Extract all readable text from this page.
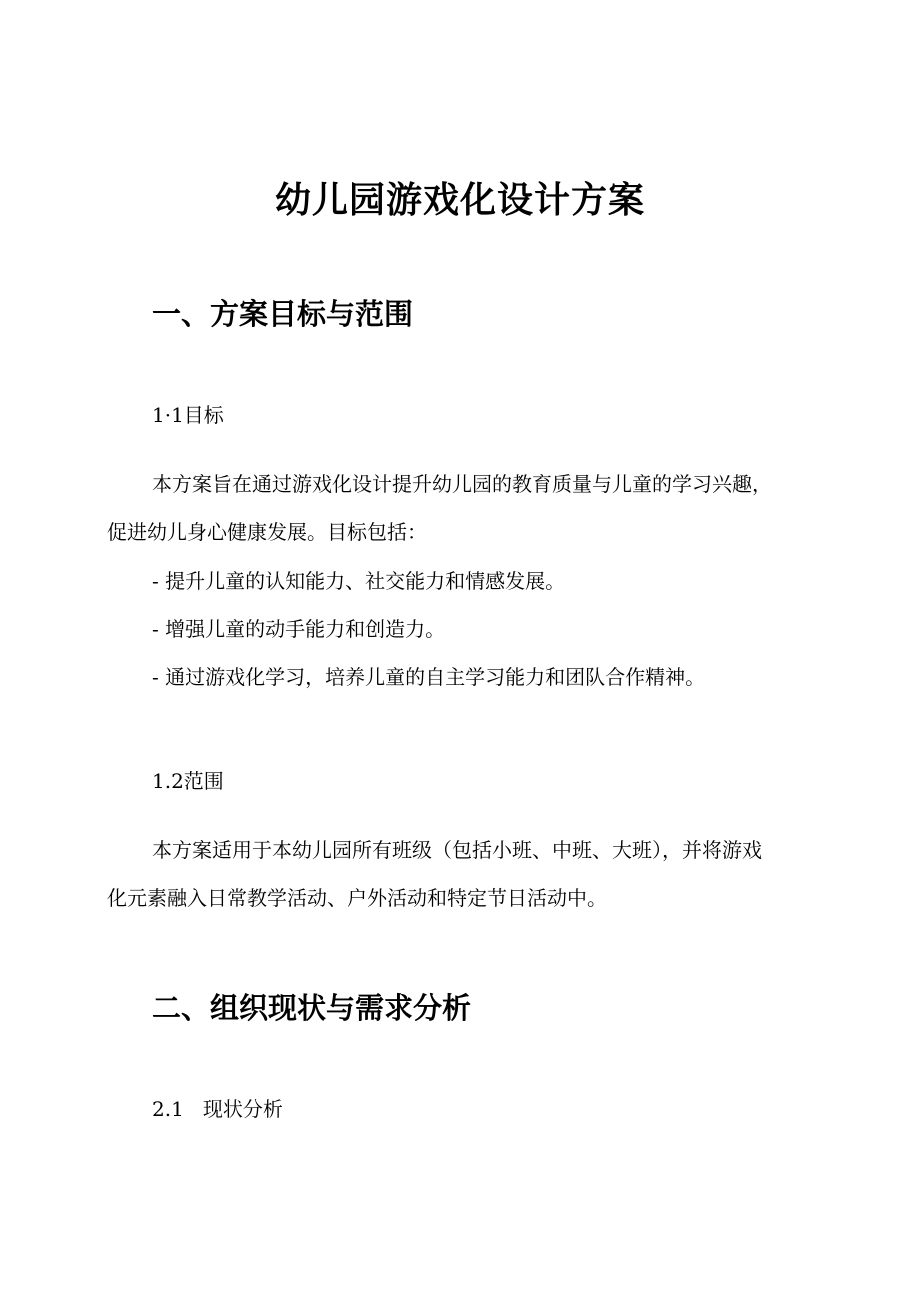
幼儿园游戏化设计方案
一、方案目标与范围
1·1目标
本方案旨在通过游戏化设计提升幼儿园的教育质量与儿童的学习兴趣，
促进幼儿身心健康发展。目标包括：
- 提升儿童的认知能力、社交能力和情感发展。
- 增强儿童的动手能力和创造力。
- 通过游戏化学习，培养儿童的自主学习能力和团队合作精神。
1.2范围
本方案适用于本幼儿园所有班级（包括小班、中班、大班），并将游戏
化元素融入日常教学活动、户外活动和特定节日活动中。
二、组织现状与需求分析
2.1   现状分析
